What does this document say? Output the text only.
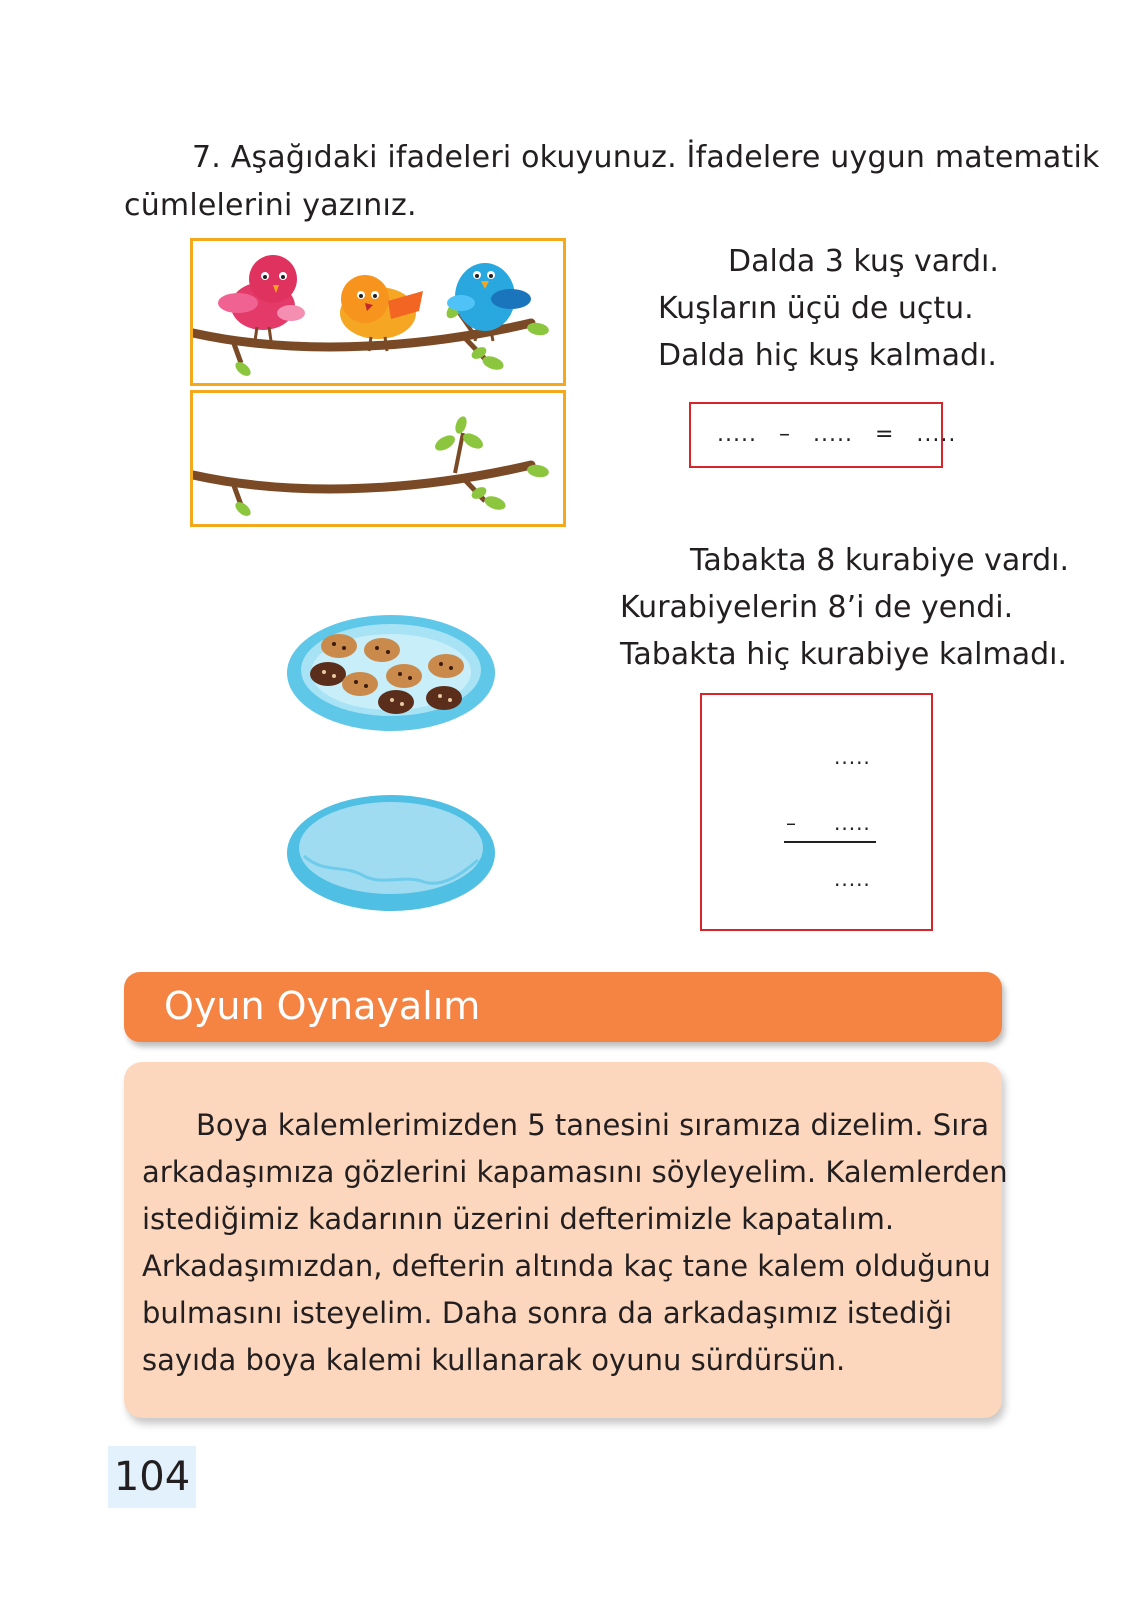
7. Aşağıdaki ifadeleri okuyunuz. İfadelere uygun matematik
cümlelerini yazınız.
Dalda 3 kuş vardı.
Kuşların üçü de uçtu.
Dalda hiç kuş kalmadı.
..... – ..... = .....
Tabakta 8 kurabiye vardı.
Kurabiyelerin 8’i de yendi.
Tabakta hiç kurabiye kalmadı.
.....
– .....
.....
Oyun Oynayalım
Boya kalemlerimizden 5 tanesini sıramıza dizelim. Sıra
arkadaşımıza gözlerini kapamasını söyleyelim. Kalemlerden
istediğimiz kadarının üzerini defterimizle kapatalım.
Arkadaşımızdan, defterin altında kaç tane kalem olduğunu
bulmasını isteyelim. Daha sonra da arkadaşımız istediği
sayıda boya kalemi kullanarak oyunu sürdürsün.
104
